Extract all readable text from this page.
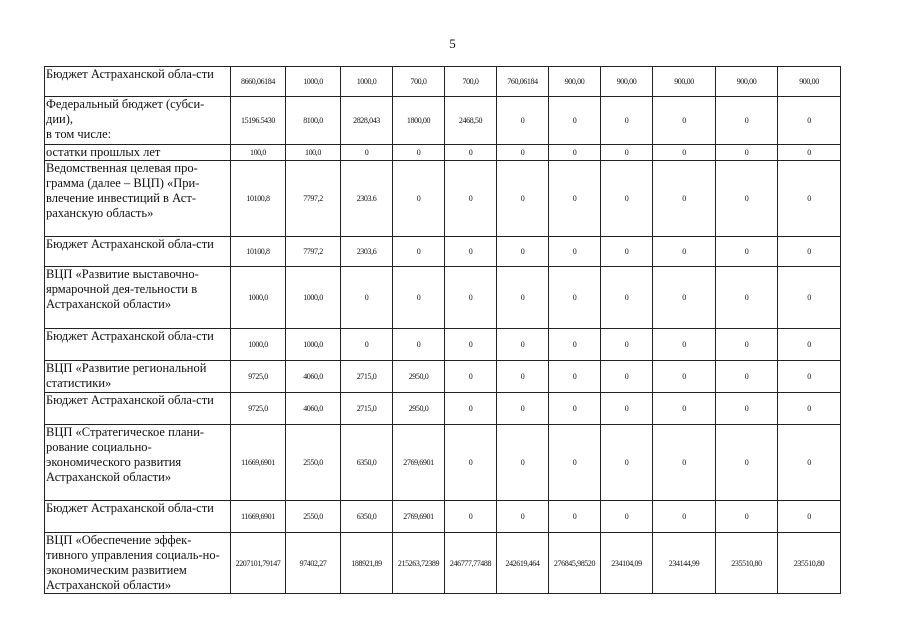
5
Бюджет Астраханской обла-сти	8660,06184	1000,0	1000,0	700,0	700,0	760,06184	900,00	900,00	900,00	900,00	900,00
Федеральный бюджет (субси-дии),
в том числе:	15196.5430	8100,0	2828,043	1800,00	2468,50	0	0	0	0	0	0
остатки прошлых лет	100,0	100,0	0	0	0	0	0	0	0	0	0
Ведомственная целевая про-грамма (далее – ВЦП) «При-влечение инвестиций в Аст-раханскую область»	10100,8	7797,2	2303.6	0	0	0	0	0	0	0	0
Бюджет Астраханской обла-сти	10100,8	7797,2	2303,6	0	0	0	0	0	0	0	0
ВЦП «Развитие выставочно-ярмарочной дея-тельности в Астраханской области»	1000,0	1000,0	0	0	0	0	0	0	0	0	0
Бюджет Астраханской обла-сти	1000,0	1000,0	0	0	0	0	0	0	0	0	0
ВЦП «Развитие региональной статистики»	9725,0	4060,0	2715,0	2950,0	0	0	0	0	0	0	0
Бюджет Астраханской обла-сти	9725,0	4060,0	2715,0	2950,0	0	0	0	0	0	0	0
ВЦП «Стратегическое плани-рование социально-экономического развития Астраханской области»	11669,6901	2550,0	6350,0	2769,6901	0	0	0	0	0	0	0
Бюджет Астраханской обла-сти	11669,6901	2550,0	6350,0	2769,6901	0	0	0	0	0	0	0
ВЦП «Обеспечение эффек-тивного управления социаль-но-экономическим развитием Астраханской области»	2207101,79147	97402,27	188921,89	215263,72389	246777,77488	242619,464	276845,98520	234104,09	234144,99	235510,80	235510,80
